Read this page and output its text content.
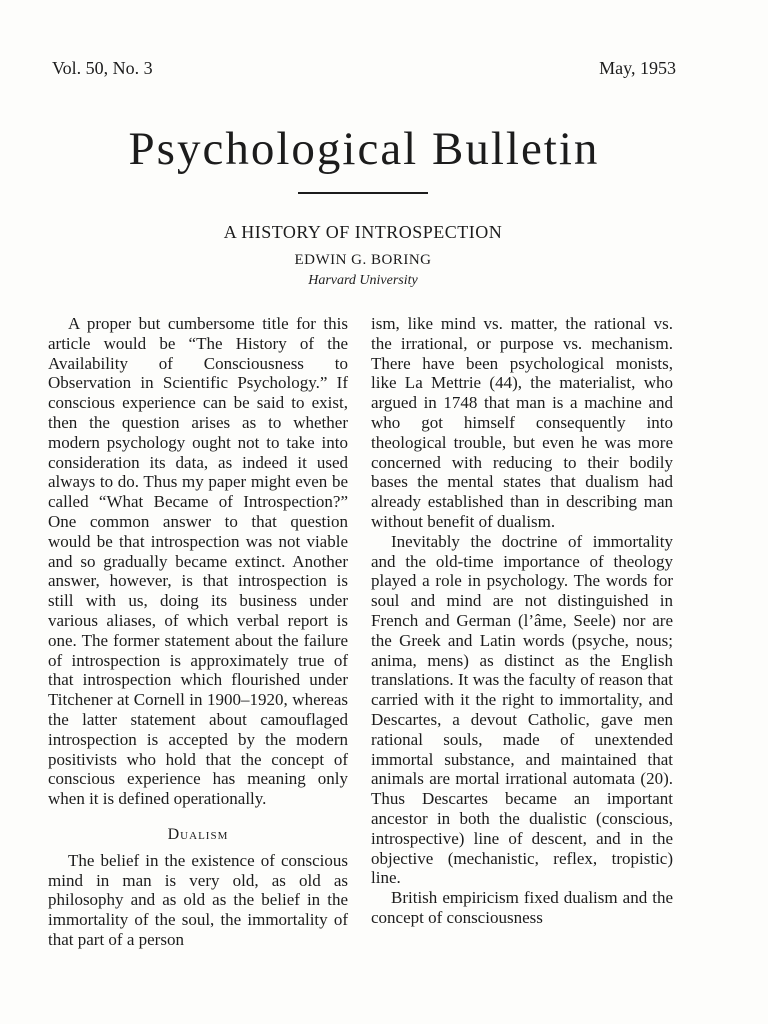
Vol. 50, No. 3	May, 1953
Psychological Bulletin
A HISTORY OF INTROSPECTION
EDWIN G. BORING
Harvard University

A proper but cumbersome title for this article would be “The History of the Availability of Consciousness to Observation in Scientific Psychology.” If conscious experience can be said to exist, then the question arises as to whether modern psychology ought not to take into consideration its data, as indeed it used always to do. Thus my paper might even be called “What Became of Introspection?” One common answer to that question would be that introspection was not viable and so gradually became extinct. Another answer, however, is that introspection is still with us, doing its business under various aliases, of which verbal report is one. The former statement about the failure of introspection is approximately true of that introspection which flourished under Titchener at Cornell in 1900–1920, whereas the latter statement about camouflaged introspection is accepted by the modern positivists who hold that the concept of conscious experience has meaning only when it is defined operationally.

Dualism

The belief in the existence of conscious mind in man is very old, as old as philosophy and as old as the belief in the immortality of the soul, the immortality of that part of a person

ism, like mind vs. matter, the rational vs. the irrational, or purpose vs. mechanism. There have been psychological monists, like La Mettrie (44), the materialist, who argued in 1748 that man is a machine and who got himself consequently into theological trouble, but even he was more concerned with reducing to their bodily bases the mental states that dualism had already established than in describing man without benefit of dualism.

Inevitably the doctrine of immortality and the old-time importance of theology played a role in psychology. The words for soul and mind are not distinguished in French and German (l’âme, Seele) nor are the Greek and Latin words (psyche, nous; anima, mens) as distinct as the English translations. It was the faculty of reason that carried with it the right to immortality, and Descartes, a devout Catholic, gave men rational souls, made of unextended immortal substance, and maintained that animals are mortal irrational automata (20). Thus Descartes became an important ancestor in both the dualistic (conscious, introspective) line of descent, and in the objective (mechanistic, reflex, tropistic) line.

British empiricism fixed dualism and the concept of consciousness
